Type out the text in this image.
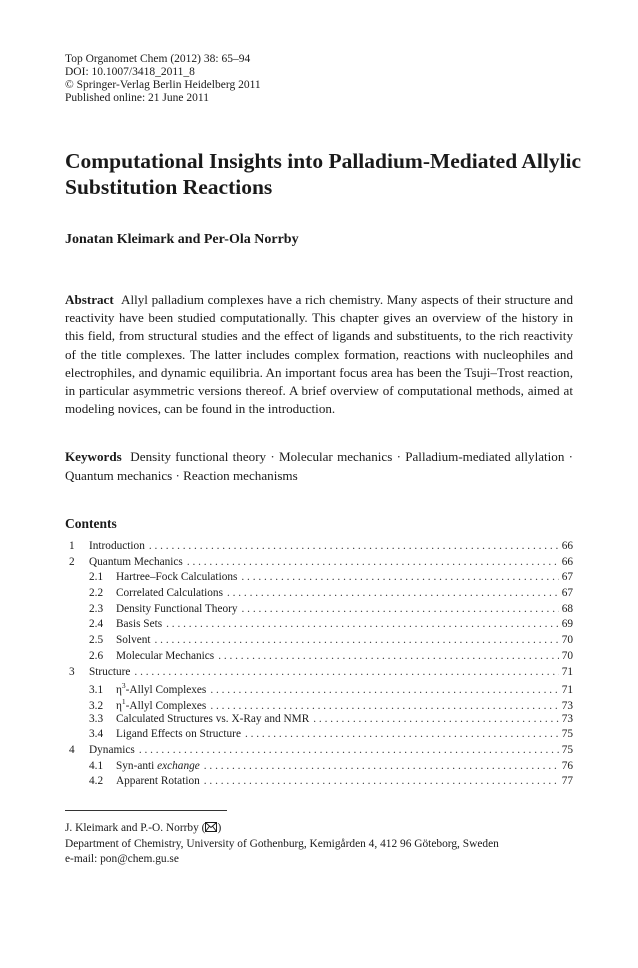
Top Organomet Chem (2012) 38: 65–94
DOI: 10.1007/3418_2011_8
© Springer-Verlag Berlin Heidelberg 2011
Published online: 21 June 2011
Computational Insights into Palladium-Mediated Allylic Substitution Reactions
Jonatan Kleimark and Per-Ola Norrby

Abstract Allyl palladium complexes have a rich chemistry. Many aspects of their structure and reactivity have been studied computationally. This chapter gives an overview of the history in this field, from structural studies and the effect of ligands and substituents, to the rich reactivity of the title complexes. The latter includes complex formation, reactions with nucleophiles and electrophiles, and dynamic equilibria. An important focus area has been the Tsuji–Trost reaction, in particular asymmetric versions thereof. A brief overview of computational methods, aimed at modeling novices, can be found in the introduction.

Keywords Density functional theory · Molecular mechanics · Palladium-mediated allylation · Quantum mechanics · Reaction mechanisms

Contents
1	Introduction . . .	66
2	Quantum Mechanics . . .	66
2.1	Hartree–Fock Calculations . . .	67
2.2	Correlated Calculations . . .	67
2.3	Density Functional Theory . . .	68
2.4	Basis Sets . . .	69
2.5	Solvent . . .	70
2.6	Molecular Mechanics . . .	70
3	Structure . . .	71
3.1	$\eta^3$-Allyl Complexes . . .	71
3.2	$\eta^1$-Allyl Complexes . . .	73
3.3	Calculated Structures vs. X-Ray and NMR . . .	73
3.4	Ligand Effects on Structure . . .	75
4	Dynamics . . .	75
4.1	Syn-anti exchange . . .	76
4.2	Apparent Rotation . . .	77
J. Kleimark and P.-O. Norrby ( )
Department of Chemistry, University of Gothenburg, Kemigården 4, 412 96 Göteborg, Sweden
e-mail: pon@chem.gu.se
